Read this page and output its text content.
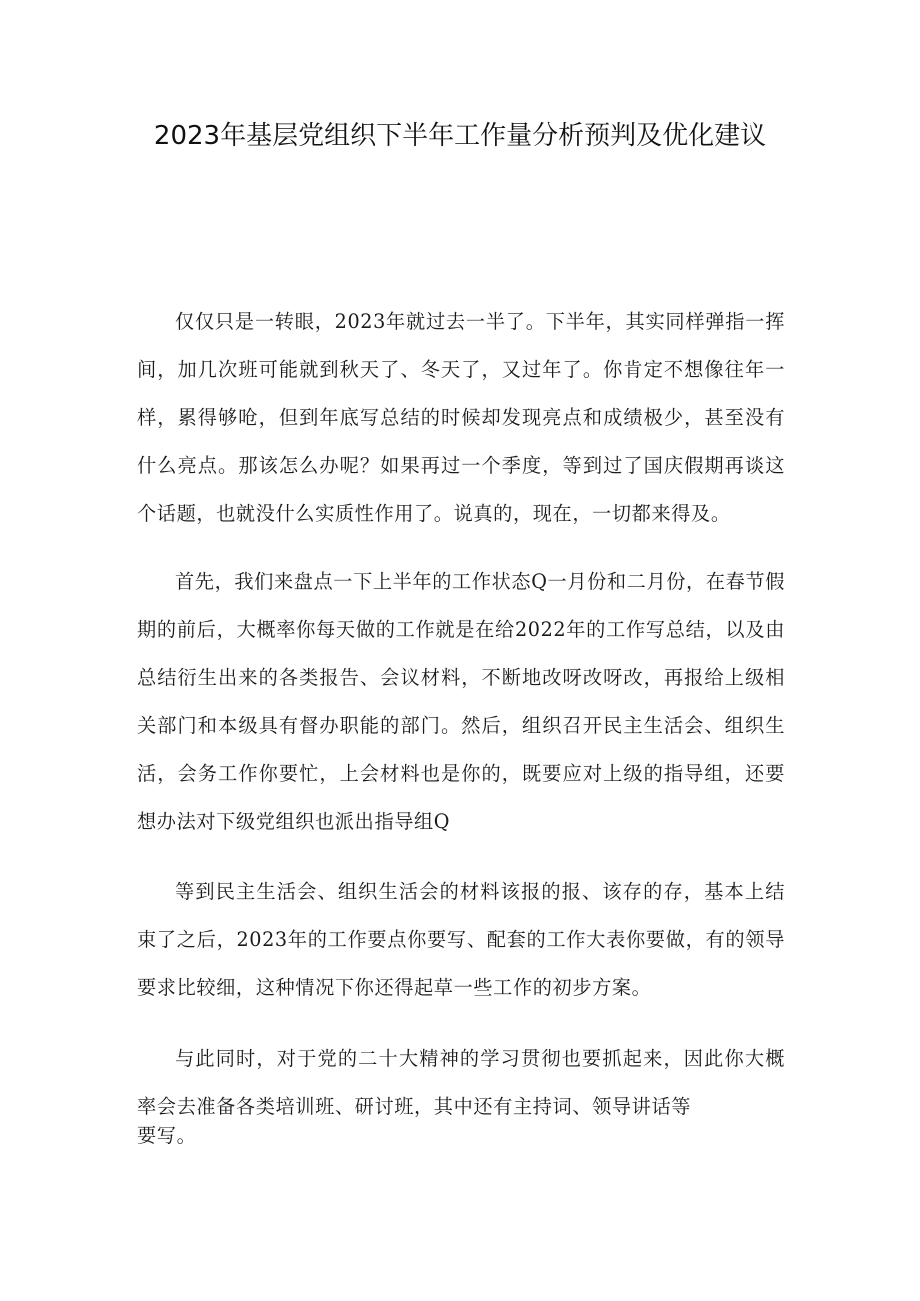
2023年基层党组织下半年工作量分析预判及优化建议

仅仅只是一转眼，2023年就过去一半了。下半年，其实同样弹指一挥间，加几次班可能就到秋天了、冬天了，又过年了。你肯定不想像往年一样，累得够呛，但到年底写总结的时候却发现亮点和成绩极少，甚至没有什么亮点。那该怎么办呢？如果再过一个季度，等到过了国庆假期再谈这个话题，也就没什么实质性作用了。说真的，现在，一切都来得及。

首先，我们来盘点一下上半年的工作状态Q一月份和二月份，在春节假期的前后，大概率你每天做的工作就是在给2022年的工作写总结，以及由总结衍生出来的各类报告、会议材料，不断地改呀改呀改，再报给上级相关部门和本级具有督办职能的部门。然后，组织召开民主生活会、组织生活，会务工作你要忙，上会材料也是你的，既要应对上级的指导组，还要想办法对下级党组织也派出指导组Q

等到民主生活会、组织生活会的材料该报的报、该存的存，基本上结束了之后，2023年的工作要点你要写、配套的工作大表你要做，有的领导要求比较细，这种情况下你还得起草一些工作的初步方案。

与此同时，对于党的二十大精神的学习贯彻也要抓起来，因此你大概率会去准备各类培训班、研讨班，其中还有主持词、领导讲话等

要写。
